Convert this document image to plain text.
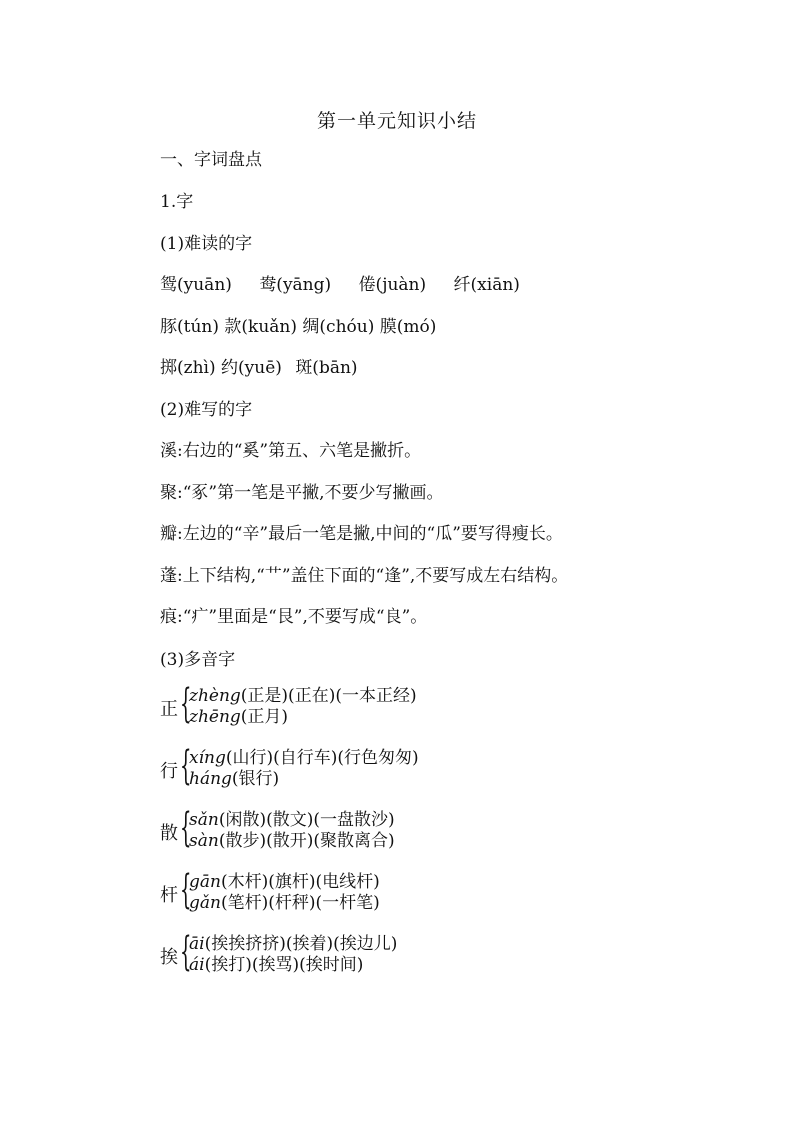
第一单元知识小结
一、字词盘点
1.字
(1)难读的字
鸳(yuān) 鸯(yāng) 倦(juàn) 纤(xiān)
豚(tún) 款(kuǎn) 绸(chóu) 膜(mó)
掷(zhì) 约(yuē) 斑(bān)
(2)难写的字
溪:右边的“奚”第五、六笔是撇折。
聚:“豖”第一笔是平撇,不要少写撇画。
瓣:左边的“辛”最后一笔是撇,中间的“瓜”要写得瘦长。
蓬:上下结构,“艹”盖住下面的“逢”,不要写成左右结构。
痕:“疒”里面是“艮”,不要写成“良”。
(3)多音字
正 {
zhèng(正是)(正在)(一本正经)
zhēng(正月)
行 {
xíng(山行)(自行车)(行色匆匆)
háng(银行)
散 {
sǎn(闲散)(散文)(一盘散沙)
sàn(散步)(散开)(聚散离合)
杆 {
gān(木杆)(旗杆)(电线杆)
gǎn(笔杆)(杆秤)(一杆笔)
挨 {
āi(挨挨挤挤)(挨着)(挨边儿)
ái(挨打)(挨骂)(挨时间)
